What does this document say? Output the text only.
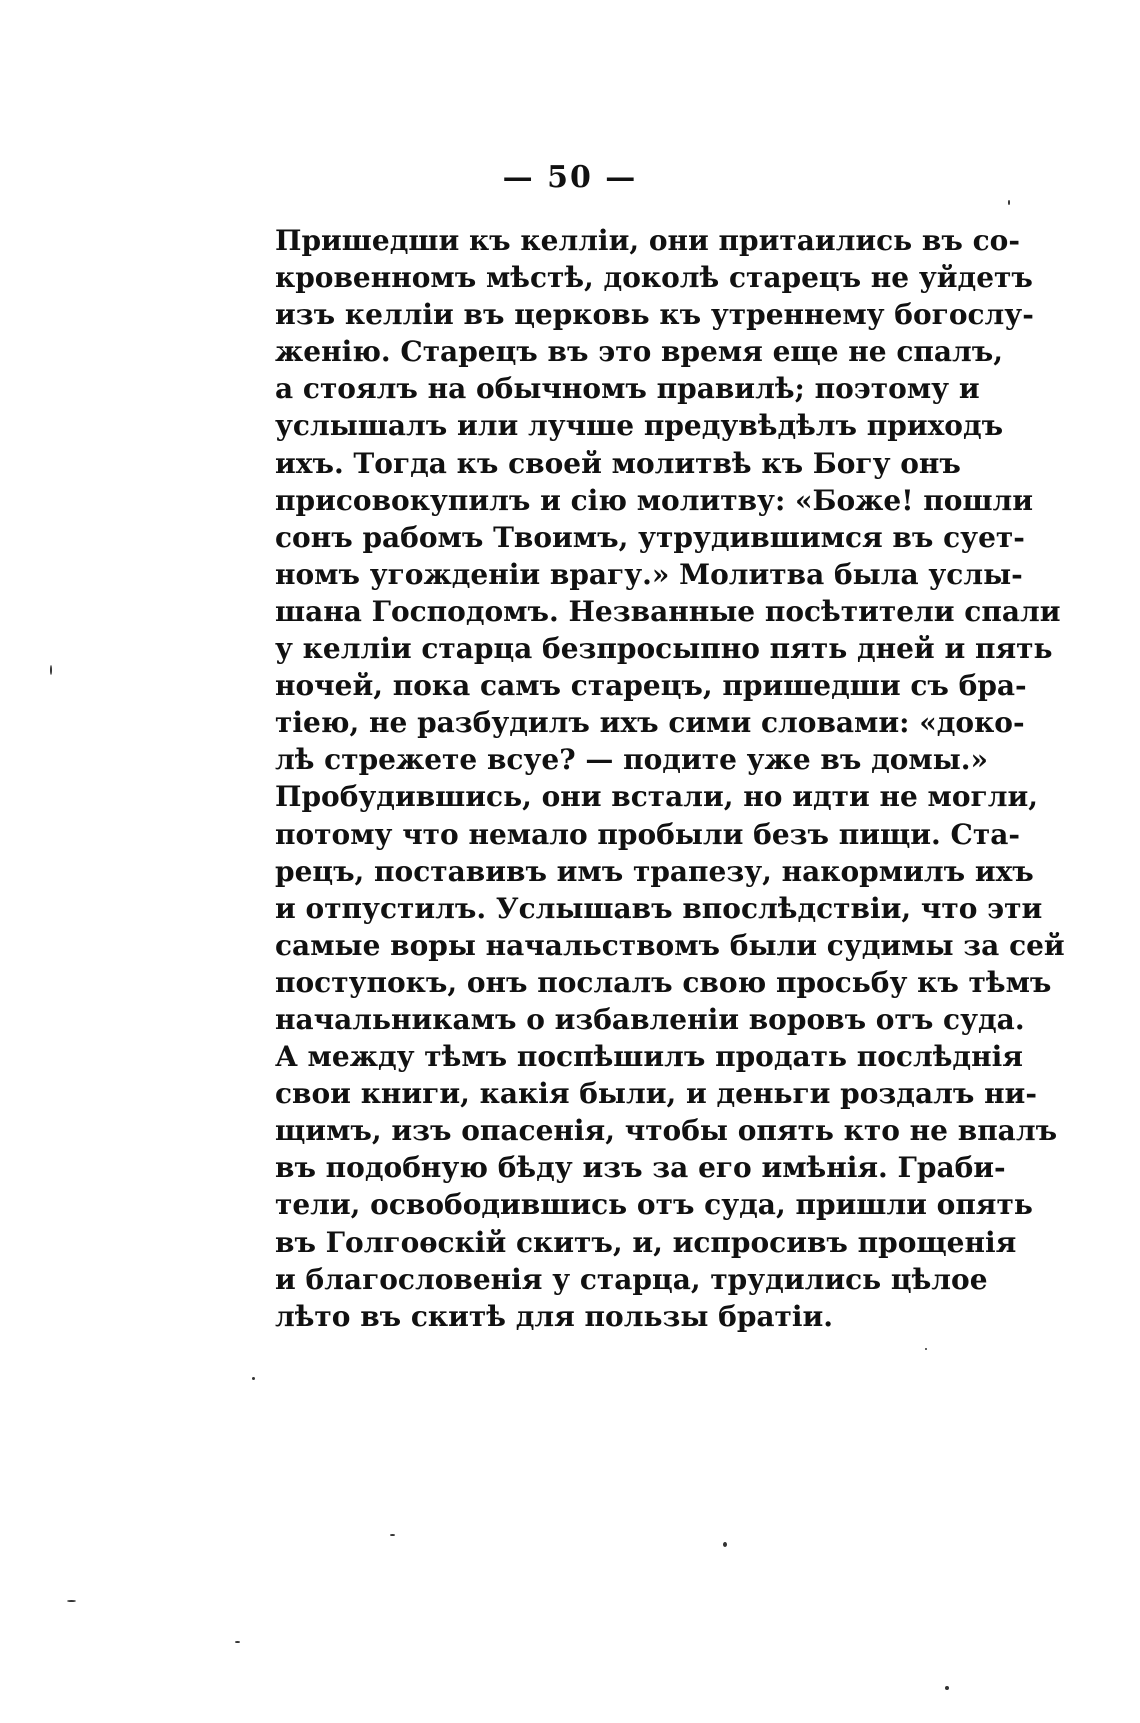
— 50 —
Пришедши къ келліи, они притаились въ со-
кровенномъ мѣстѣ, доколѣ старецъ не уйдетъ
изъ келліи въ церковь къ утреннему богослу-
женію. Старецъ въ это время еще не спалъ,
а стоялъ на обычномъ правилѣ; поэтому и
услышалъ или лучше предувѣдѣлъ приходъ
ихъ. Тогда къ своей молитвѣ къ Богу онъ
присовокупилъ и сію молитву: «Боже! пошли
сонъ рабомъ Твоимъ, утрудившимся въ сует-
номъ угожденіи врагу.» Молитва была услы-
шана Господомъ. Незванные посѣтители спали
у келліи старца безпросыпно пять дней и пять
ночей, пока самъ старецъ, пришедши съ бра-
тіею, не разбудилъ ихъ сими словами: «доко-
лѣ стрежете всуе? — подите уже въ домы.»
Пробудившись, они встали, но идти не могли,
потому что немало пробыли безъ пищи. Ста-
рецъ, поставивъ имъ трапезу, накормилъ ихъ
и отпустилъ. Услышавъ впослѣдствіи, что эти
самые воры начальствомъ были судимы за сей
поступокъ, онъ послалъ свою просьбу къ тѣмъ
начальникамъ о избавленіи воровъ отъ суда.
А между тѣмъ поспѣшилъ продать послѣднія
свои книги, какія были, и деньги роздалъ ни-
щимъ, изъ опасенія, чтобы опять кто не впалъ
въ подобную бѣду изъ за его имѣнія. Граби-
тели, освободившись отъ суда, пришли опять
въ Голгоѳскій скитъ, и, испросивъ прощенія
и благословенія у старца, трудились цѣлое
лѣто въ скитѣ для пользы братіи.
